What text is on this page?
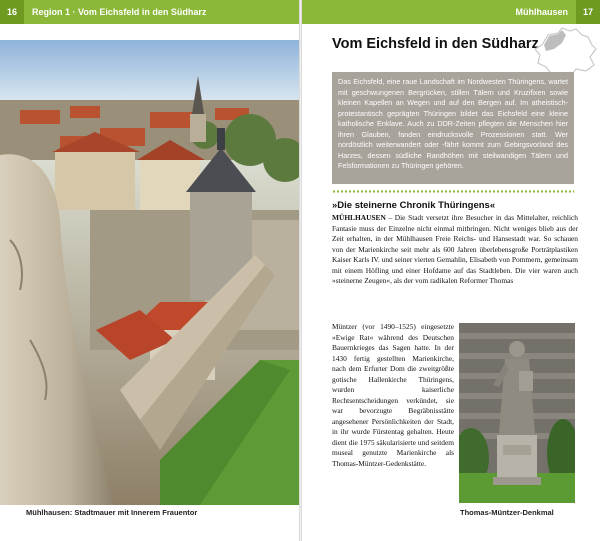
16	Region 1 · Vom Eichsfeld in den Südharz	Mühlhausen	17
Mühlhausen: Stadtmauer mit Innerem Frauentor
Vom Eichsfeld in den Südharz
Das Eichsfeld, eine raue Landschaft im Nordwesten Thüringens, wartet mit geschwungenen Bergrücken, stillen Tälern und Kruzifixen sowie kleinen Kapellen an Wegen und auf den Bergen auf. Im atheistisch-protestantisch geprägten Thüringen bildet das Eichsfeld eine kleine katholische Enklave. Auch zu DDR-Zeiten pflegten die Menschen hier ihren Glauben, fanden eindrucksvolle Prozessionen statt. Wer nordöstlich weiterwandert oder -fährt kommt zum Gebirgsvorland des Harzes, dessen südliche Randhöhen mit steilwandigen Tälern und Felsformationen zu Thüringen gehören.
»Die steinerne Chronik Thüringens«
MÜHLHAUSEN – Die Stadt versetzt ihre Besucher in das Mittelalter, reichlich Fantasie muss der Einzelne nicht einmal mitbringen. Nicht weniges blieb aus der Zeit erhalten, in der Mühlhausen Freie Reichs- und Hansestadt war. So schauen von der Marienkirche seit mehr als 600 Jahren überlebensgroße Porträtplastiken Kaiser Karls IV. und seiner vierten Gemahlin, Elisabeth von Pommern, gemeinsam mit einem Höfling und einer Hofdame auf das Stadtleben. Die vier waren auch »steinerne Zeugen«, als der vom radikalen Reformer Thomas
Müntzer (vor 1490–1525) eingesetzte »Ewige Rat« während des Deutschen Bauernkrieges das Sagen hatte. In der 1430 fertig gestellten Marienkirche, nach dem Erfurter Dom die zweitgrößte gotische Hallenkirche Thüringens, wurden kaiserliche Rechtsentscheidungen verkündet, sie war bevorzugte Begräbnisstätte angesehener Persönlichkeiten der Stadt, in ihr wurde Fürstentag gehalten. Heute dient die 1975 säkularisierte und seitdem museal genutzte Marienkirche als Thomas-Müntzer-Gedenkstätte.
Thomas-Müntzer-Denkmal
